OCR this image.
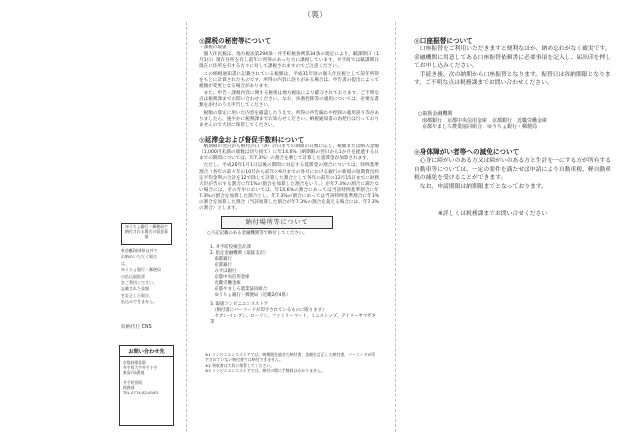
（裏）
◎課税の秘密等について

・課税の取扱

個人住民税は、地方税法第294条・井手町税条例第34条の規定により、賦課期日（1月1日）現在住所を有し前年に所得のあった方に課税しています。井手町では賦課期日現在に住所を有する方々に対して課税されますのでご注意ください。

この納税通知書に記載されている税額は、平成31年度の個人住民税として前年所得をもとに計算されたものです。所得の内容に誤りがある場合は、申告書の提出によって税額が変更となる場合があります。

また、申告・課税内容に関する秘密は地方税法により厳守されております。ご不明な点は税務課までお問い合わせください。なお、扶養控除等の適用については、必要な書類を添付のうえ申告してください。

税額の算定に用いた内容を確認したうえで、所得の申告漏れや控除の適用誤り等がありましたら、速やかに税務課までお知らせください。納税通知書の再発行は行っておりませんので大切に保管してください。

◎延滞金および督促手数料について

納期限の翌日から納付の日（A）の日までの期間の日数に応じ、税額または納入金額（1,000円未満の端数は切り捨て）に年14.6%（納期限の翌日から1か月を経過する日までの期間については、年7.3%）の割合を乗じて計算した延滞金が加算されます。

ただし、平成26年1月1日以後の期間に対応する延滞金の割合については、特例基準割合（各年の前々年の10月から前年の9月までの各月における銀行の新規の短期貸出約定平均金利の合計を12で除して計算した割合として各年の前年の12月15日までに財務大臣が告示する割合に年1%の割合を加算した割合をいう。）が年7.3%の割合に満たない場合には、その年中においては、年14.6%の割合にあっては当該特例基準割合に年7.3%の割合を加算した割合とし、年7.3%の割合にあっては当該特例基準割合に年1%の割合を加算した割合（当該加算した割合が年7.3%の割合を超える場合には、年7.3%の割合）とします。

◎口座振替について

口座振替をご利用いただきますと便利なほか、納め忘れがなく確実です。金融機関に用意してある口座振替依頼書に必要事項を記入し、届出印を押してお申し込みください。

手続き後、次の納期から口座振替となります。振替日は各納期限となります。ご不明な点は税務課までお問い合わせください。

○取扱金融機関
南都銀行　京都中央信用金庫　京都銀行　近畿労働金庫
京都やましろ農業協同組合　ゆうちょ銀行・郵便局
◎身体障がい者等への減免について

心身に障がいのある方又は障がいのある方と生計を一にする方が所有する自動車等については、一定の要件を満たせば申請により自動車税、軽自動車税の減免を受けることができます。

なお、申請期限は納期限までとなっております。

※詳しくは税務課までお問い合せください
納付場所等について
○下記記載のある金融機関等で納付してください。
1. 井手町役場会計課
2. 指定金融機関（取扱支店）
　南都銀行
　京都銀行
　みずほ銀行
　京都中央信用金庫
　近畿労働金庫
　京都やましろ農業協同組合
　ゆうちょ銀行・郵便局（近畿2府4県）
3. 取扱コンビニエンスストア
　（納付書にバーコードが印字されているものに限ります）
　セブン-イレブン、ローソン、ファミリーマート、ミニストップ、デイリーヤマザキ等
※1 コンビニエンスストアでは、納期限を過ぎた納付書、金額を訂正した納付書、バーコードが印字されていない納付書では納付できません。
※2 領収書は大切に保管してください。
※3 コンビニエンスストアでは、納付の際に手数料はかかりません。
ゆうちょ銀行・郵便局で納付される場合の留意事項
※近畿2府4県以外で
お納めいただく場合
は、
ゆうちょ銀行・郵便局
の払込取扱票
をご利用ください。
記載された金額
を訂正した場合、
払込みできません。
収納代行 CNS
お問い合わせ先
京都府綴喜郡
井手町大字井手小字
東高月8番地
井手町役場
税務課
TEL 0774-82-6163
